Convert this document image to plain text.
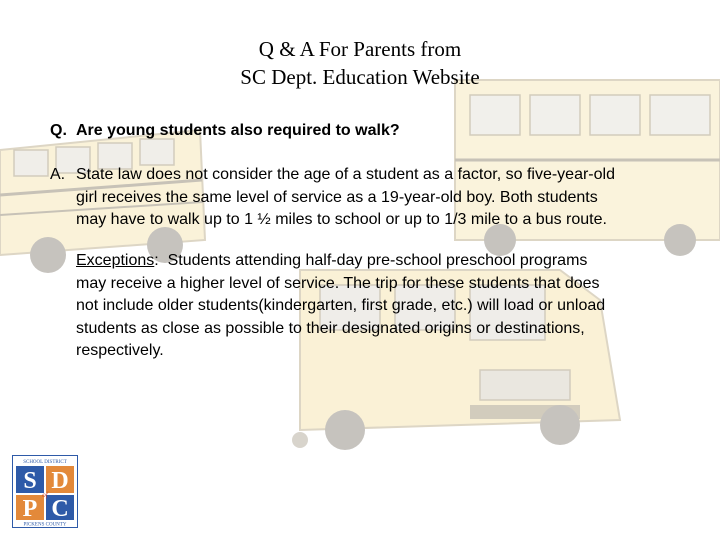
Q & A For Parents from
SC Dept. Education Website
Q. Are young students also required to walk?
A. State law does not consider the age of a student as a factor, so five-year-old
girl receives the same level of service as a 19-year-old boy. Both students
may have to walk up to 1 ½ miles to school or up to 1/3 mile to a bus route.
Exceptions:  Students attending half-day pre-school preschool programs
may receive a higher level of service. The trip for these students that does
not include older students(kindergarten, first grade, etc.) will load or unload
students as close as possible to their designated origins or destinations,
respectively.
SCHOOL DISTRICT
S D
P C
of
PICKENS COUNTY
